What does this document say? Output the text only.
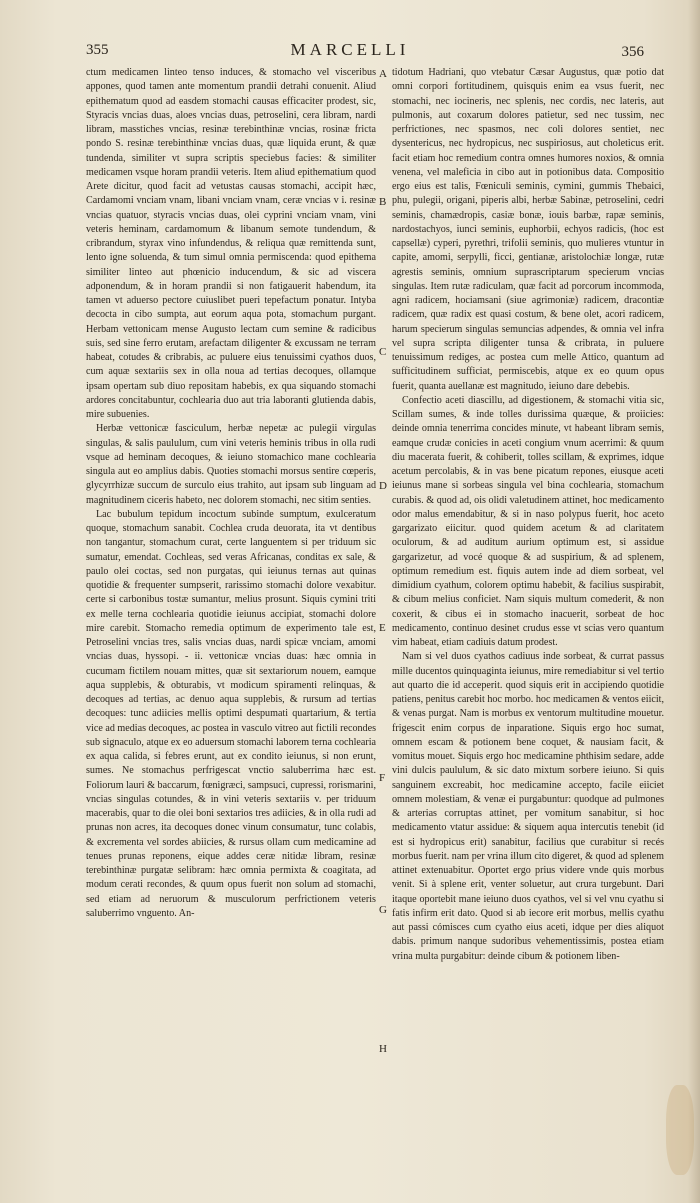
355	MARCELLI	356

ctum medicamen linteo tenso induces, & stomacho vel visceribus appones, quod tamen ante momentum prandii detrahi conuenit. Aliud epithematum quod ad easdem stomachi causas efficaciter prodest, sic, Styracis vncias duas, aloes vncias duas, petroselini, cera libram, nardi libram, masstiches vncias, resinæ terebinthinæ vncias, rosinæ fricta pondo S. resinæ terebinthinæ vncias duas, quæ liquida erunt, & quæ tundenda, similiter vt supra scriptis speciebus facies: & similiter medicamen vsque horam prandii veteris. Item aliud epithematium quod Arete dicitur, quod facit ad vetustas causas stomachi, accipit hæc, Cardamomi vnciam vnam, libani vnciam vnam, ceræ vncias v i. resinæ vncias quatuor, styracis vncias duas, olei cyprini vnciam vnam, vini veteris heminam, cardamomum & libanum semote tundendum, & cribrandum, styrax vino infundendus, & reliqua quæ remittenda sunt, lento igne soluenda, & tum simul omnia permiscenda: quod epithema similiter linteo aut phœnicio inducendum, & sic ad viscera adponendum, & in horam prandii si non fatigauerit habendum, ita tamen vt aduerso pectore cuiuslibet pueri tepefactum ponatur. Intyba decocta in cibo sumpta, aut eorum aqua pota, stomachum purgant. Herbam vettonicam mense Augusto lectam cum semine & radicibus suis, sed sine ferro erutam, arefactam diligenter & excussam ne terram habeat, cotudes & cribrabis, ac puluere eius tenuissimi cyathos duos, cum aquæ sextariis sex in olla noua ad tertias decoques, ollamque ipsam opertam sub diuo repositam habebis, ex qua siquando stomachi ardores concitabuntur, cochlearia duo aut tria laboranti glutienda dabis, mire subuenies.

Herbæ vettonicæ fasciculum, herbæ nepetæ ac pulegii virgulas singulas, & salis paululum, cum vini veteris heminis tribus in olla rudi vsque ad heminam decoques, & ieiuno stomachico mane cochlearia singula aut eo amplius dabis. Quoties stomachi morsus sentire cœperis, glycyrrhizæ succum de surculo eius trahito, aut ipsam sub linguam ad magnitudinem ciceris habeto, nec dolorem stomachi, nec sitim senties.

Lac bubulum tepidum incoctum subinde sumptum, exulceratum quoque, stomachum sanabit. Cochlea cruda deuorata, ita vt dentibus non tangantur, stomachum curat, certe languentem si per triduum sic sumatur, emendat. Cochleas, sed veras Africanas, conditas ex sale, & paulo olei coctas, sed non purgatas, qui ieiunus ternas aut quinas quotidie & frequenter sumpserit, rarissimo stomachi dolore vexabitur. certe si carbonibus tostæ sumantur, melius prosunt. Siquis cymini triti ex melle terna cochlearia quotidie ieiunus accipiat, stomachi dolore mire carebit. Stomacho remedia optimum de experimento tale est, Petroselini vncias tres, salis vncias duas, nardi spicæ vnciam, amomi vncias duas, hyssopi. - ii. vettonicæ vncias duas: hæc omnia in cucumam fictilem nouam mittes, quæ sit sextariorum nouem, eamque aqua supplebis, & obturabis, vt modicum spiramenti relinquas, & decoques ad tertias, ac denuo aqua supplebis, & rursum ad tertias decoques: tunc adiicies mellis optimi despumati quartarium, & tertia vice ad medias decoques, ac postea in vasculo vitreo aut fictili recondes sub signaculo, atque ex eo aduersum stomachi laborem terna cochlearia ex aqua calida, si febres erunt, aut ex condito ieiunus, si non erunt, sumes. Ne stomachus perfrigescat vnctio saluberrima hæc est. Foliorum lauri & baccarum, fœnigræci, sampsuci, cupressi, rorismarini, vncias singulas cotundes, & in vini veteris sextariis v. per triduum macerabis, quar to die olei boni sextarios tres adiicies, & in olla rudi ad prunas non acres, ita decoques donec vinum consumatur, tunc colabis, & excrementa vel sordes abiicies, & rursus ollam cum medicamine ad tenues prunas reponens, eique addes ceræ nitidæ libram, resinæ terebinthinæ purgatæ selibram: hæc omnia permixta & coagitata, ad modum cerati recondes, & quum opus fuerit non solum ad stomachi, sed etiam ad neruorum & musculorum perfrictionem veteris saluberrimo vnguento. An-

A
B
C
D
E
F
G
H

tidotum Hadriani, quo vtebatur Cæsar Augustus, quæ potio dat omni corpori fortitudinem, quisquis enim ea vsus fuerit, nec stomachi, nec iocineris, nec splenis, nec cordis, nec lateris, aut pulmonis, aut coxarum dolores patietur, sed nec tussim, nec perfrictiones, nec spasmos, nec coli dolores sentiet, nec dysentericus, nec hydropicus, nec suspiriosus, aut choleticus erit. facit etiam hoc remedium contra omnes humores noxios, & omnia venena, vel maleficia in cibo aut in potionibus data. Compositio ergo eius est talis, Fœniculi seminis, cymini, gummis Thebaici, phu, pulegii, origani, piperis albi, herbæ Sabinæ, petroselini, cedri seminis, chamædropis, casiæ bonæ, iouis barbæ, rapæ seminis, nardostachyos, iunci seminis, euphorbii, echyos radicis, (hoc est capsellæ) cyperi, pyrethri, trifolii seminis, quo mulieres vtuntur in capite, amomi, serpylli, ficci, gentianæ, aristolochiæ longæ, rutæ agrestis seminis, omnium suprascriptarum specierum vncias singulas. Item rutæ radiculam, quæ facit ad porcorum incommoda, agni radicem, hociamsani (siue agrimoniæ) radicem, dracontiæ radicem, quæ radix est quasi costum, & bene olet, acori radicem, harum specierum singulas semuncias adpendes, & omnia vel infra vel supra scripta diligenter tunsa & cribrata, in puluere tenuissimum rediges, ac postea cum melle Attico, quantum ad sufficitudinem sufficiat, permiscebis, atque ex eo quum opus fuerit, quanta auellanæ est magnitudo, ieiuno dare debebis.

Confectio aceti diascillu, ad digestionem, & stomachi vitia sic, Scillam sumes, & inde tolles durissima quæque, & proiicies: deinde omnia tenerrima concides minute, vt habeant libram semis, eamque crudæ conicies in aceti congium vnum acerrimi: & quum diu macerata fuerit, & cohiberit, tolles scillam, & exprimes, idque acetum percolabis, & in vas bene picatum repones, eiusque aceti ieiunus mane si sorbeas singula vel bina cochlearia, stomachum curabis. & quod ad, ois olidi valetudinem attinet, hoc medicamento odor malus emendabitur, & si in naso polypus fuerit, hoc aceto gargarizato eiicitur. quod quidem acetum & ad claritatem oculorum, & ad auditum aurium optimum est, si assidue gargarizetur, ad vocé quoque & ad suspirium, & ad splenem, optimum remedium est. fiquis autem inde ad diem sorbeat, vel dimidium cyathum, colorem optimu habebit, & facilius suspirabit, & cibum melius conficiet. Nam siquis multum comederit, & non coxerit, & cibus ei in stomacho inacuerit, sorbeat de hoc medicamento, continuo desinet crudus esse vt scias vero quantum vim habeat, etiam cadiuis datum prodest.

Nam si vel duos cyathos cadiuus inde sorbeat, & currat passus mille ducentos quinquaginta ieiunus, mire remediabitur si vel tertio aut quarto die id acceperit. quod siquis erit in accipiendo quotidie patiens, penitus carebit hoc morbo. hoc medicamen & ventos eiicit, & venas purgat. Nam is morbus ex ventorum multitudine mouetur. frigescit enim corpus de inparatione. Siquis ergo hoc sumat, omnem escam & potionem bene coquet, & nausiam facit, & vomitus mouet. Siquis ergo hoc medicamine phthisim sedare, adde vini dulcis paululum, & sic dato mixtum sorbere ieiuno. Si quis sanguinem excreabit, hoc medicamine accepto, facile eiiciet omnem molestiam, & venæ ei purgabuntur: quodque ad pulmones & arterias corruptas attinet, per vomitum sanabitur, si hoc medicamento vtatur assidue: & siquem aqua intercutis tenebit (id est si hydropicus erit) sanabitur, facilius que curabitur si recés morbus fuerit. nam per vrina illum cito digeret, & quod ad splenem attinet extenuabitur. Oportet ergo prius videre vnde quis morbus venit. Si à splene erit, venter soluetur, aut crura turgebunt. Dari itaque oportebit mane ieiuno duos cyathos, vel si vel vnu cyathu si fatis infirm erit dato. Quod si ab iecore erit morbus, mellis cyathu aut passi cómisces cum cyatho eius aceti, idque per dies aliquot dabis. primum nanque sudoribus vehementissimis, postea etiam vrina multa purgabitur: deinde cibum & potionem liben-
